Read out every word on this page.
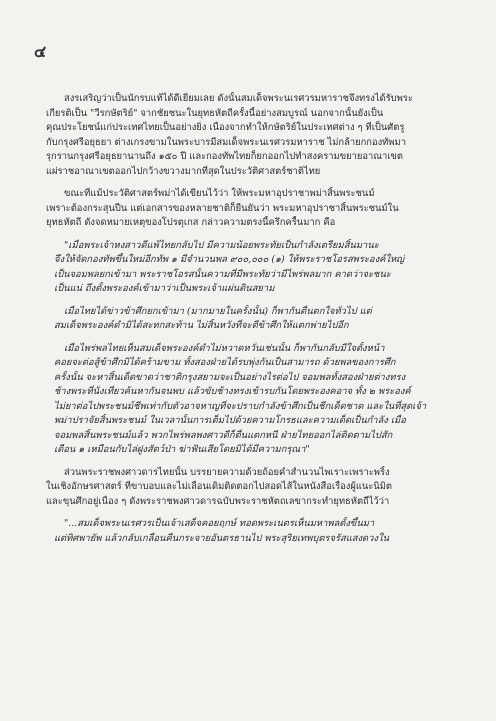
๔
สงรเสริญว่าเป็นนักรบแท้ได้ดีเยี่ยมเลย ดังนั้นสมเด็จพระนเรศวรมหาราชจึงทรงได้รับพระ
เกียรติเป็น "วีรกษัตริย์" จากชัยชนะในยุทธหัตถีครั้งนี้อย่างสมบูรณ์ นอกจากนั้นยังเป็น
คุณประโยชน์แก่ประเทศไทยเป็นอย่างยิ่ง เนื่องจากทำให้กษัตริย์ในประเทศต่าง ๆ ที่เป็นศัตรู
กับกรุงศรีอยุธยา ต่างเกรงขามในพระบารมีสมเด็จพระนเรศวรมหาราช ไม่กล้ายกกองทัพมา
รุกรานกรุงศรีอยุธยานานถึง ๑๕๐ ปี และกองทัพไทยก็ยกออกไปทำสงครามขยายอาณาเขต
แผ่ราชอาณาเขตออกไปกว้างขวางมากที่สุดในประวัติศาสตร์ชาติไทย
ขณะที่แม้ประวัติศาสตร์พม่าได้เขียนไว้ว่า ให้พระมหาอุปราชาพม่าสิ้นพระชนม์
เพราะต้องกระสุนปืน แต่เอกสารของหลายชาติก็ยืนยันว่า พระมหาอุปราชาสิ้นพระชนม์ใน
ยุทธหัตถี ดังจดหมายเหตุของโปรตุเกส กล่าวความตรงนี้ครึกครื้นมาก คือ
"เมื่อพระเจ้าหงสาวดีแพ้ไทยกลับไป มีความน้อยพระทัยเป็นกำลังเตรียมสิ้นมานะ
จึงให้จัดกองทัพขึ้นใหม่อีกทัพ ๑ มีจำนวนพล ๙๐๐,๐๐๐ (๑) ให้พระราชโอรสพระองค์ใหญ่
เป็นจอมพลยกเข้ามา พระราชโอรสนั้นความที่มีพระทัยว่ามีไพร่พลมาก คาดว่าจะชนะ
เป็นแน่ ถึงตั้งพระองค์เข้ามาว่าเป็นพระเจ้าแผ่นดินสยาม
เมื่อไทยได้ข่าวข้าศึกยกเข้ามา (มากมายในครั้งนั้น) ก็พากันตื่นตกใจทั่วไป แต่
สมเด็จพระองค์ดำมิได้สะทกสะท้าน ไม่สิ้นหวังที่จะตีข้าศึกให้แตกพ่ายไปอีก
เมื่อไพร่พลไทยเห็นสมเด็จพระองค์ดำไม่หวาดหวั่นเช่นนั้น ก็พากันกลับมีใจตั้งหน้า
คอยจะต่อสู้ข้าศึกมิได้คร้ามขาม ทั้งสองฝ่ายได้รบพุ่งกันเป็นสามารถ ด้วยพลของการศึก
ครั้งนั้น จะหาสิ้นเด็ดขาดว่าชาติกรุงสยามจะเป็นอย่างไรต่อไป จอมพลทั้งสองฝ่ายต่างทรง
ช้างพระที่นั่งเที่ยวค้นหากันจนพบ แล้วขับช้างทรงเข้ารบกันโดยพระองคอาจ ทั้ง ๒ พระองค์
ไม่ยาต่อไปพระชนม์ชีพเท่ากับตัวอาจหาญที่จะปราบกำลังข้าศึกเป็นชีกเด็ดชาด และในที่สุดเจ้า
พม่าปราจัยสิ้นพระชนม์ ในเวลานั้นการเต็มไปด้วยความโกรธและความเด็ดเป็นกำลัง เมื่อ
จอมพลสิ้นพระชนม์แล้ว พวกไพร่พลพงศาวดีก็ตื่นแตกหนี ฝ่ายไทยออกไล่ติดตามไปสัก
เดือน ๑ เหมือนกับไล่ฝูงสัตว์ป่า ฆ่าฟันเสียโดยมิได้มีความกรุณา"
ส่วนพระราชพงศาวดารไทยนั้น บรรยายความด้วยถ้อยคำสำนวนไพเราะเพราะพริ้ง
ในเชิงอักษรศาสตร์ ที่ขาบอบและไม่เลื่อนเดิมติดตอกไปสอดไส้ในหนังสือเรื่องผู้แนะนิมิต
และขุนศึกอยู่เนื่อง ๆ ดังพระราชพงศาวดารฉบับพระราชหัตถเลขากระทำยุทธหัตถีไว้ว่า
"...สมเด็จพระนเรศวรเป็นเจ้าเสด็จคอยฤกษ์ ทอดพระเนตรเห็นมหาพลตั้งขึ้นมา
แต่ทิศพายัพ แล้วกลับเกลื่อนคืนกระจายอันตรธานไป พระสุริยเทพบุตรจรัสแสงดวงใน
